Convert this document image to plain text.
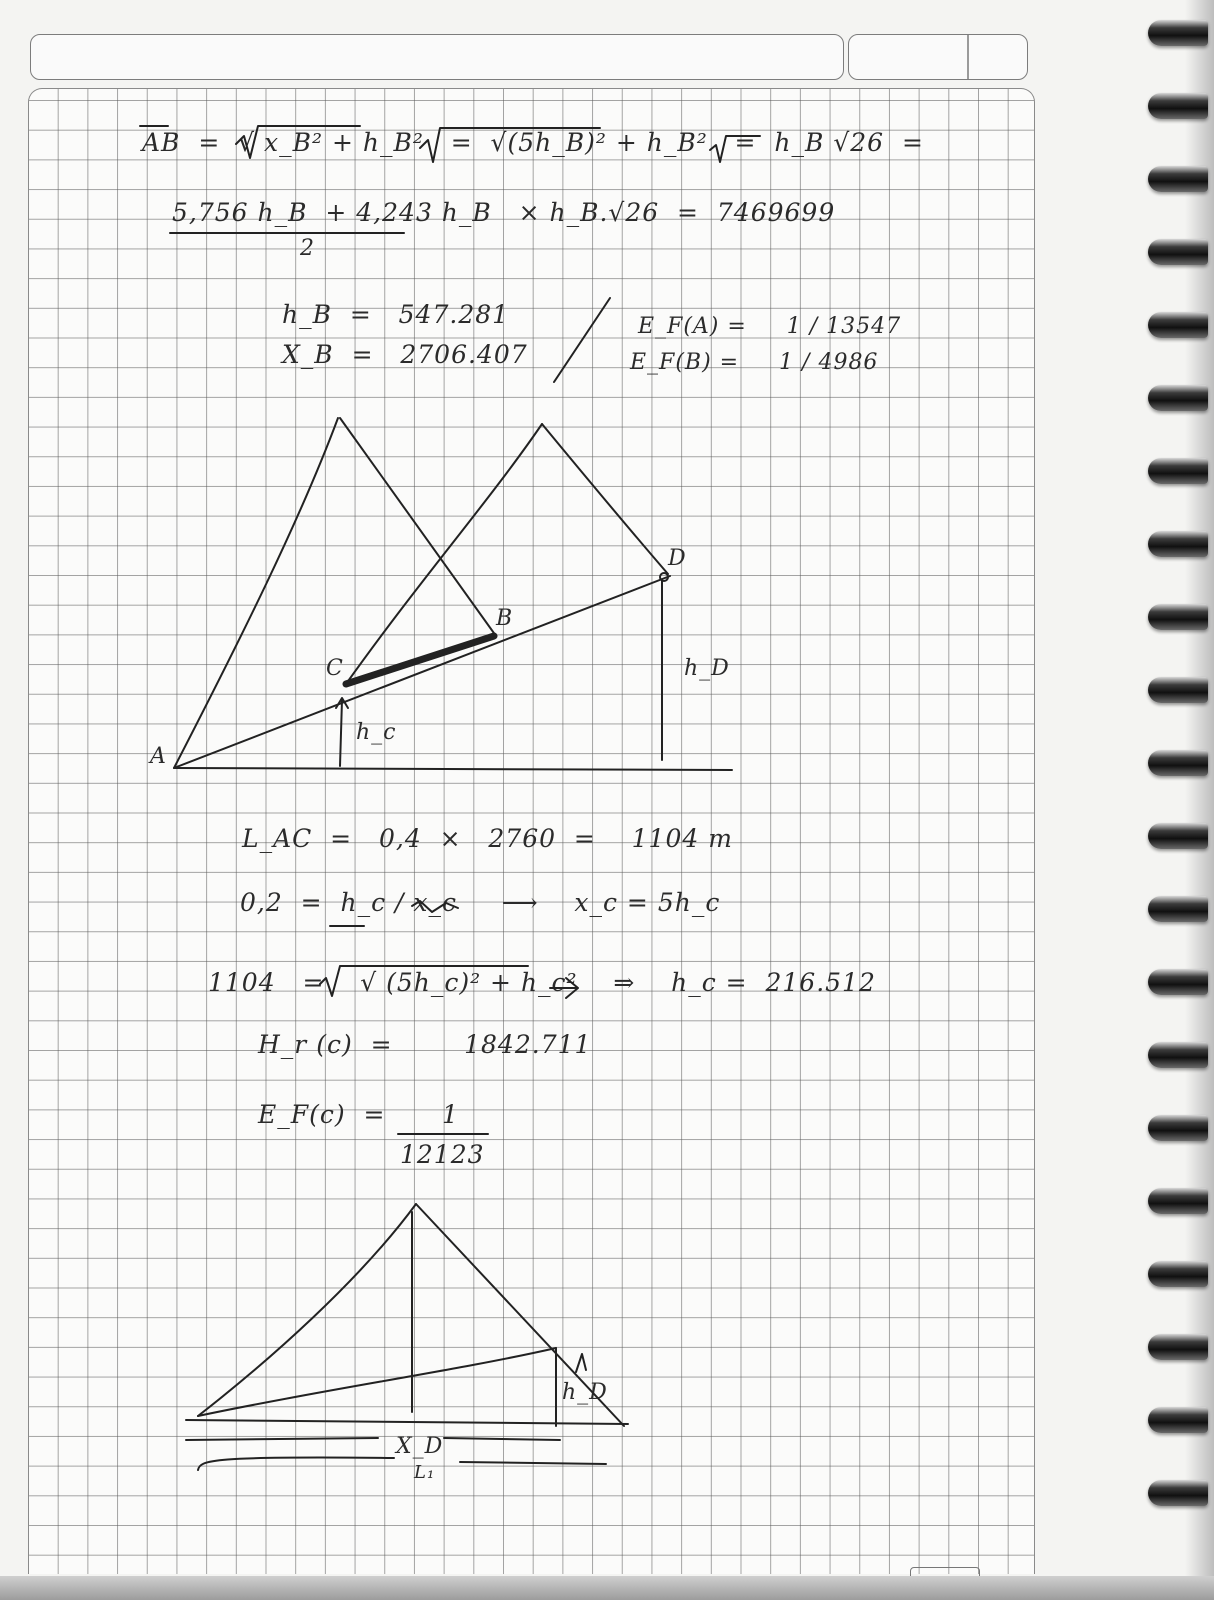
AB  =  √ x_B² + h_B²   =  √(5h_B)² + h_B²   =  h_B √26  =
5,756 h_B  + 4,243 h_B   × h_B.√26  =  7469699
2
h_B  =   547.281
X_B  =   2706.407
E_F(A) =     1 / 13547
E_F(B) =     1 / 4986
L_AC  =   0,4  ×   2760  =    1104 m
0,2  =  h_c / x_c     ⟶    x_c = 5h_c
1104   =    √ (5h_c)² + h_c²    ⇒    h_c =  216.512
H_r (c)  =        1842.711
E_F(c)  = 1
12123
A
C
B
D
h_D
h_c
h_D
X_D
L₁
